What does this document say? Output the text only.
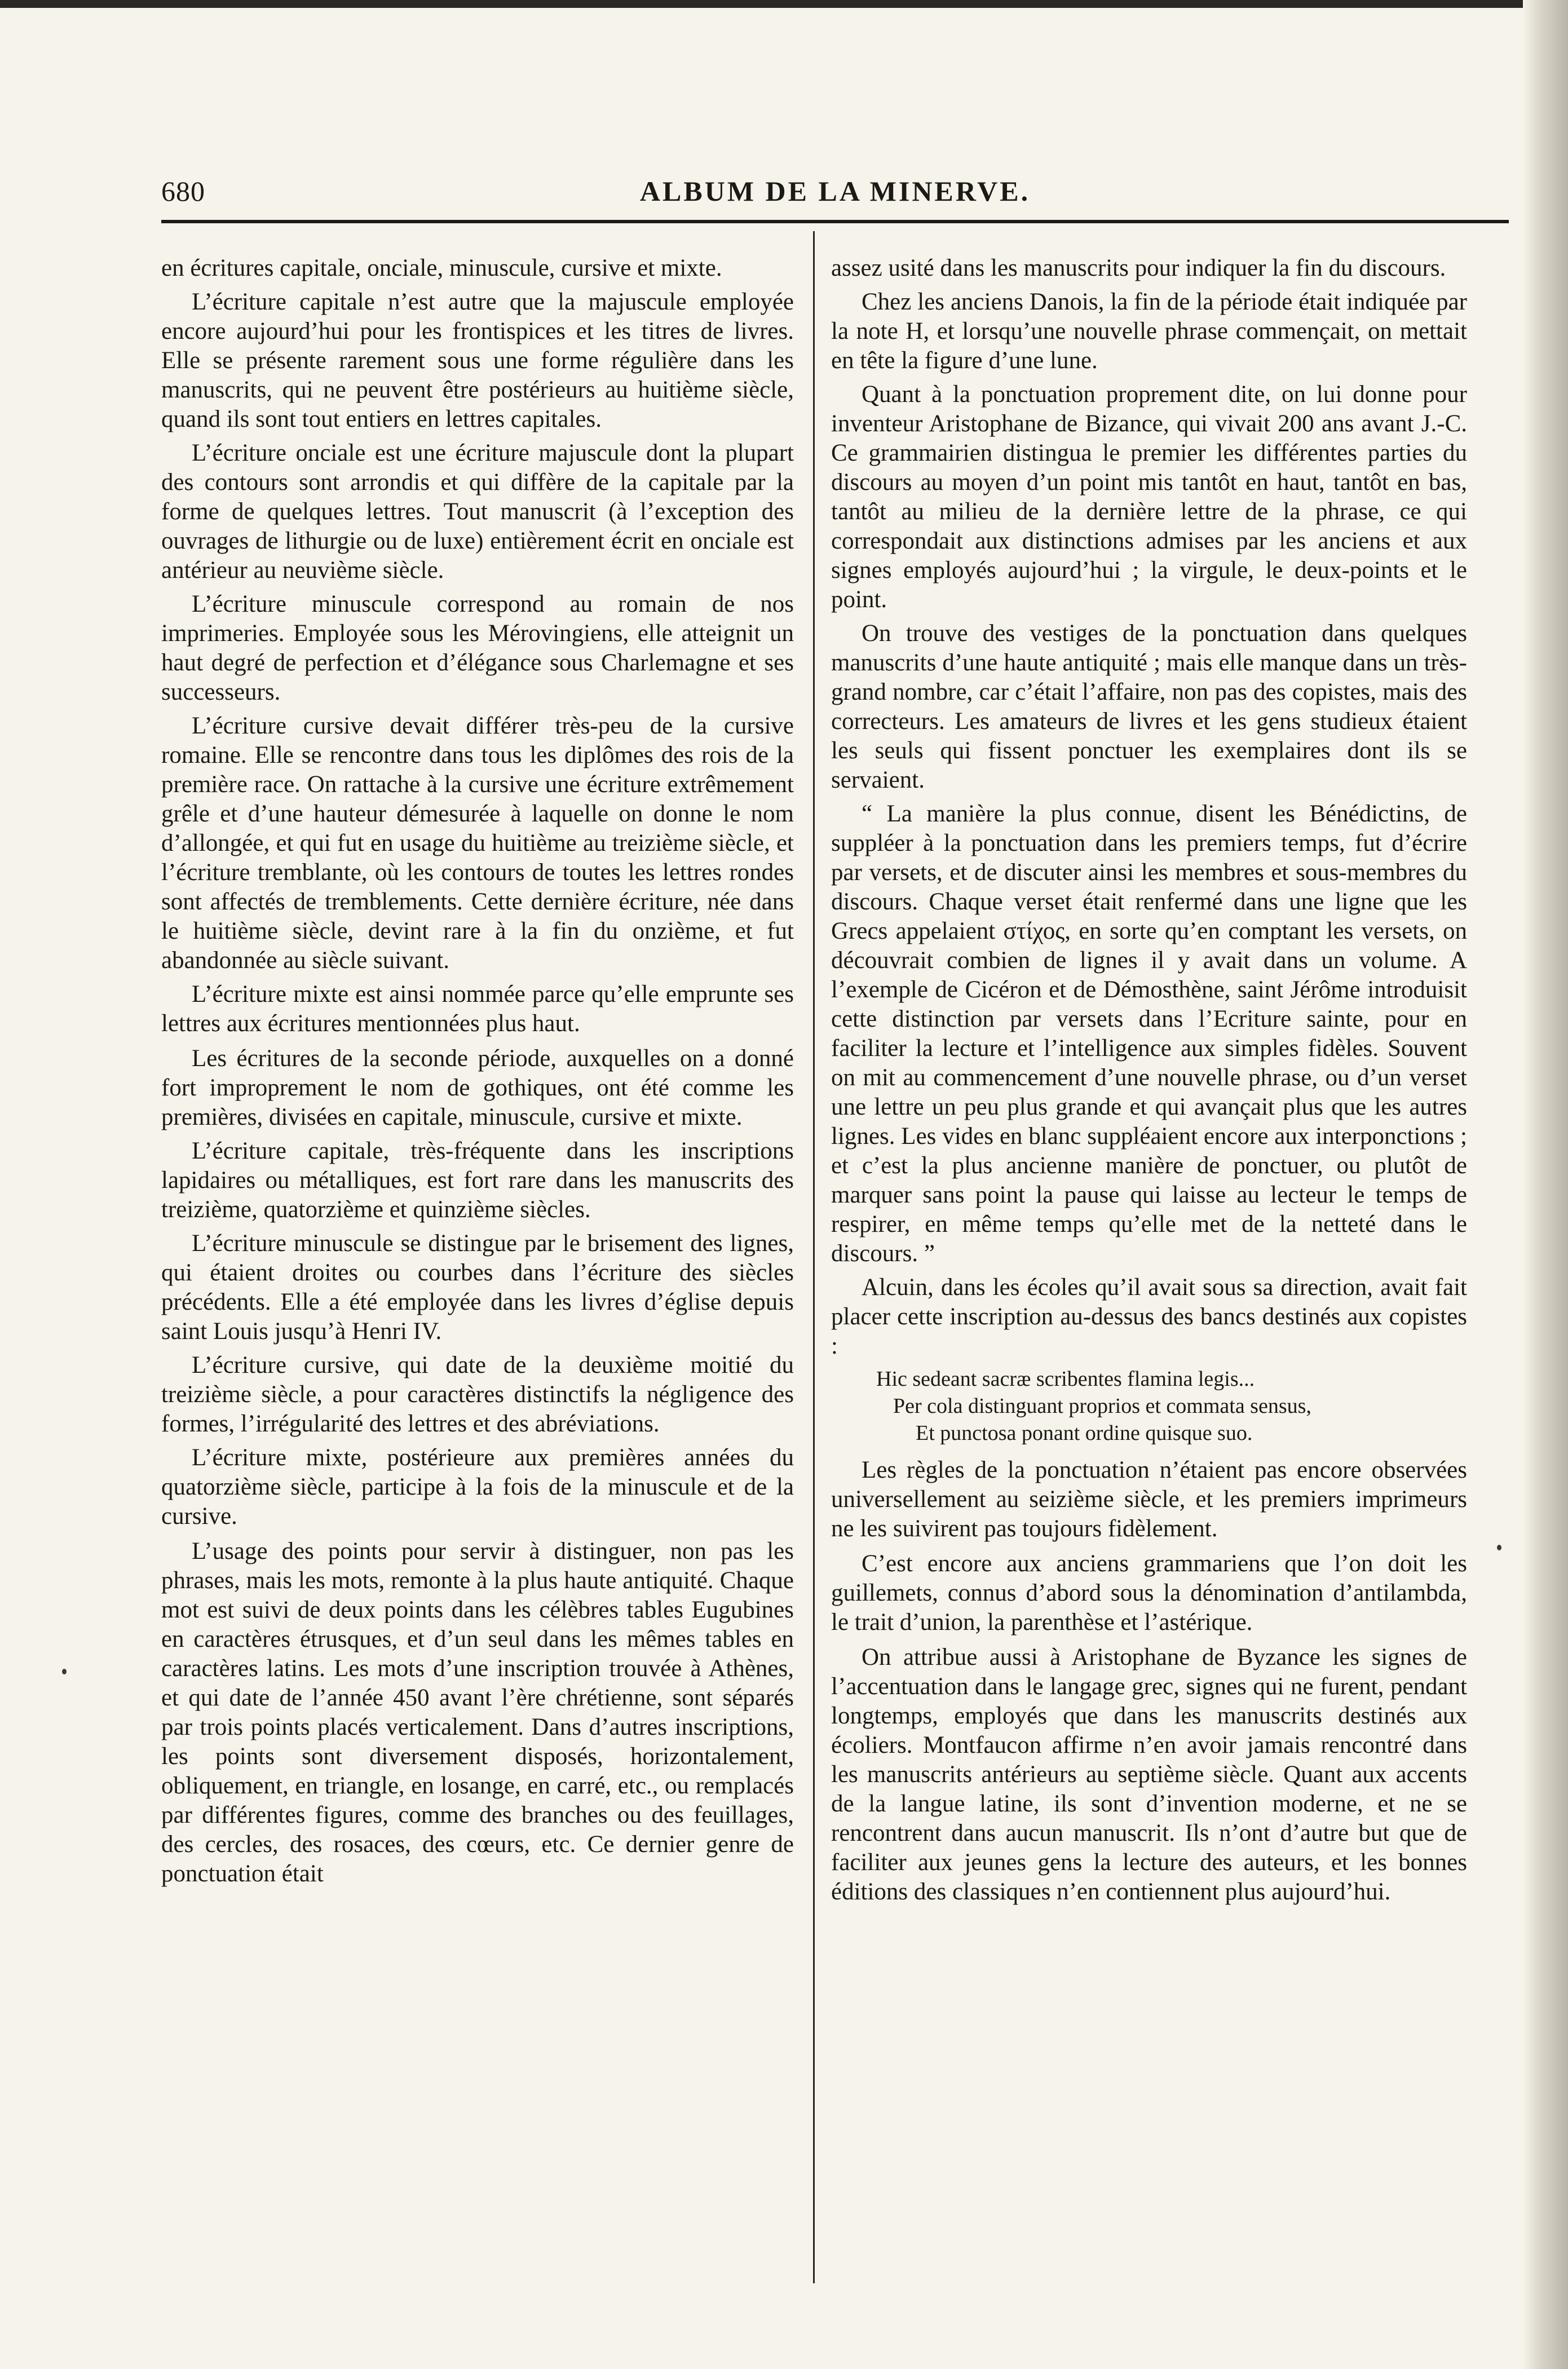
680	ALBUM DE LA MINERVE.

en écritures capitale, onciale, minuscule, cursive et mixte.

L’écriture capitale n’est autre que la majuscule employée encore aujourd’hui pour les frontispices et les titres de livres. Elle se présente rarement sous une forme régulière dans les manuscrits, qui ne peuvent être postérieurs au huitième siècle, quand ils sont tout entiers en lettres capitales.

L’écriture onciale est une écriture majuscule dont la plupart des contours sont arrondis et qui diffère de la capitale par la forme de quelques lettres. Tout manuscrit (à l’exception des ouvrages de lithurgie ou de luxe) entièrement écrit en onciale est antérieur au neuvième siècle.

L’écriture minuscule correspond au romain de nos imprimeries. Employée sous les Mérovingiens, elle atteignit un haut degré de perfection et d’élégance sous Charlemagne et ses successeurs.

L’écriture cursive devait différer très-peu de la cursive romaine. Elle se rencontre dans tous les diplômes des rois de la première race. On rattache à la cursive une écriture extrêmement grêle et d’une hauteur démesurée à laquelle on donne le nom d’allongée, et qui fut en usage du huitième au treizième siècle, et l’écriture tremblante, où les contours de toutes les lettres rondes sont affectés de tremblements. Cette dernière écriture, née dans le huitième siècle, devint rare à la fin du onzième, et fut abandonnée au siècle suivant.

L’écriture mixte est ainsi nommée parce qu’elle emprunte ses lettres aux écritures mentionnées plus haut.

Les écritures de la seconde période, auxquelles on a donné fort improprement le nom de gothiques, ont été comme les premières, divisées en capitale, minuscule, cursive et mixte.

L’écriture capitale, très-fréquente dans les inscriptions lapidaires ou métalliques, est fort rare dans les manuscrits des treizième, quatorzième et quinzième siècles.

L’écriture minuscule se distingue par le brisement des lignes, qui étaient droites ou courbes dans l’écriture des siècles précédents. Elle a été employée dans les livres d’église depuis saint Louis jusqu’à Henri IV.

L’écriture cursive, qui date de la deuxième moitié du treizième siècle, a pour caractères distinctifs la négligence des formes, l’irrégularité des lettres et des abréviations.

L’écriture mixte, postérieure aux premières années du quatorzième siècle, participe à la fois de la minuscule et de la cursive.

L’usage des points pour servir à distinguer, non pas les phrases, mais les mots, remonte à la plus haute antiquité. Chaque mot est suivi de deux points dans les célèbres tables Eugubines en caractères étrusques, et d’un seul dans les mêmes tables en caractères latins. Les mots d’une inscription trouvée à Athènes, et qui date de l’année 450 avant l’ère chrétienne, sont séparés par trois points placés verticalement. Dans d’autres inscriptions, les points sont diversement disposés, horizontalement, obliquement, en triangle, en losange, en carré, etc., ou remplacés par différentes figures, comme des branches ou des feuillages, des cercles, des rosaces, des cœurs, etc. Ce dernier genre de ponctuation était

assez usité dans les manuscrits pour indiquer la fin du discours.

Chez les anciens Danois, la fin de la période était indiquée par la note H, et lorsqu’une nouvelle phrase commençait, on mettait en tête la figure d’une lune.

Quant à la ponctuation proprement dite, on lui donne pour inventeur Aristophane de Bizance, qui vivait 200 ans avant J.-C. Ce grammairien distingua le premier les différentes parties du discours au moyen d’un point mis tantôt en haut, tantôt en bas, tantôt au milieu de la dernière lettre de la phrase, ce qui correspondait aux distinctions admises par les anciens et aux signes employés aujourd’hui ; la virgule, le deux-points et le point.

On trouve des vestiges de la ponctuation dans quelques manuscrits d’une haute antiquité ; mais elle manque dans un très-grand nombre, car c’était l’affaire, non pas des copistes, mais des correcteurs. Les amateurs de livres et les gens studieux étaient les seuls qui fissent ponctuer les exemplaires dont ils se servaient.

“ La manière la plus connue, disent les Bénédictins, de suppléer à la ponctuation dans les premiers temps, fut d’écrire par versets, et de discuter ainsi les membres et sous-membres du discours. Chaque verset était renfermé dans une ligne que les Grecs appelaient στίχος, en sorte qu’en comptant les versets, on découvrait combien de lignes il y avait dans un volume. A l’exemple de Cicéron et de Démosthène, saint Jérôme introduisit cette distinction par versets dans l’Ecriture sainte, pour en faciliter la lecture et l’intelligence aux simples fidèles. Souvent on mit au commencement d’une nouvelle phrase, ou d’un verset une lettre un peu plus grande et qui avançait plus que les autres lignes. Les vides en blanc suppléaient encore aux interponctions ; et c’est la plus ancienne manière de ponctuer, ou plutôt de marquer sans point la pause qui laisse au lecteur le temps de respirer, en même temps qu’elle met de la netteté dans le discours. ”

Alcuin, dans les écoles qu’il avait sous sa direction, avait fait placer cette inscription au-dessus des bancs destinés aux copistes :

Hic sedeant sacræ scribentes flamina legis...
Per cola distinguant proprios et commata sensus,
Et punctosa ponant ordine quisque suo.

Les règles de la ponctuation n’étaient pas encore observées universellement au seizième siècle, et les premiers imprimeurs ne les suivirent pas toujours fidèlement.

C’est encore aux anciens grammariens que l’on doit les guillemets, connus d’abord sous la dénomination d’antilambda, le trait d’union, la parenthèse et l’astérique.

On attribue aussi à Aristophane de Byzance les signes de l’accentuation dans le langage grec, signes qui ne furent, pendant longtemps, employés que dans les manuscrits destinés aux écoliers. Montfaucon affirme n’en avoir jamais rencontré dans les manuscrits antérieurs au septième siècle. Quant aux accents de la langue latine, ils sont d’invention moderne, et ne se rencontrent dans aucun manuscrit. Ils n’ont d’autre but que de faciliter aux jeunes gens la lecture des auteurs, et les bonnes éditions des classiques n’en contiennent plus aujourd’hui.
